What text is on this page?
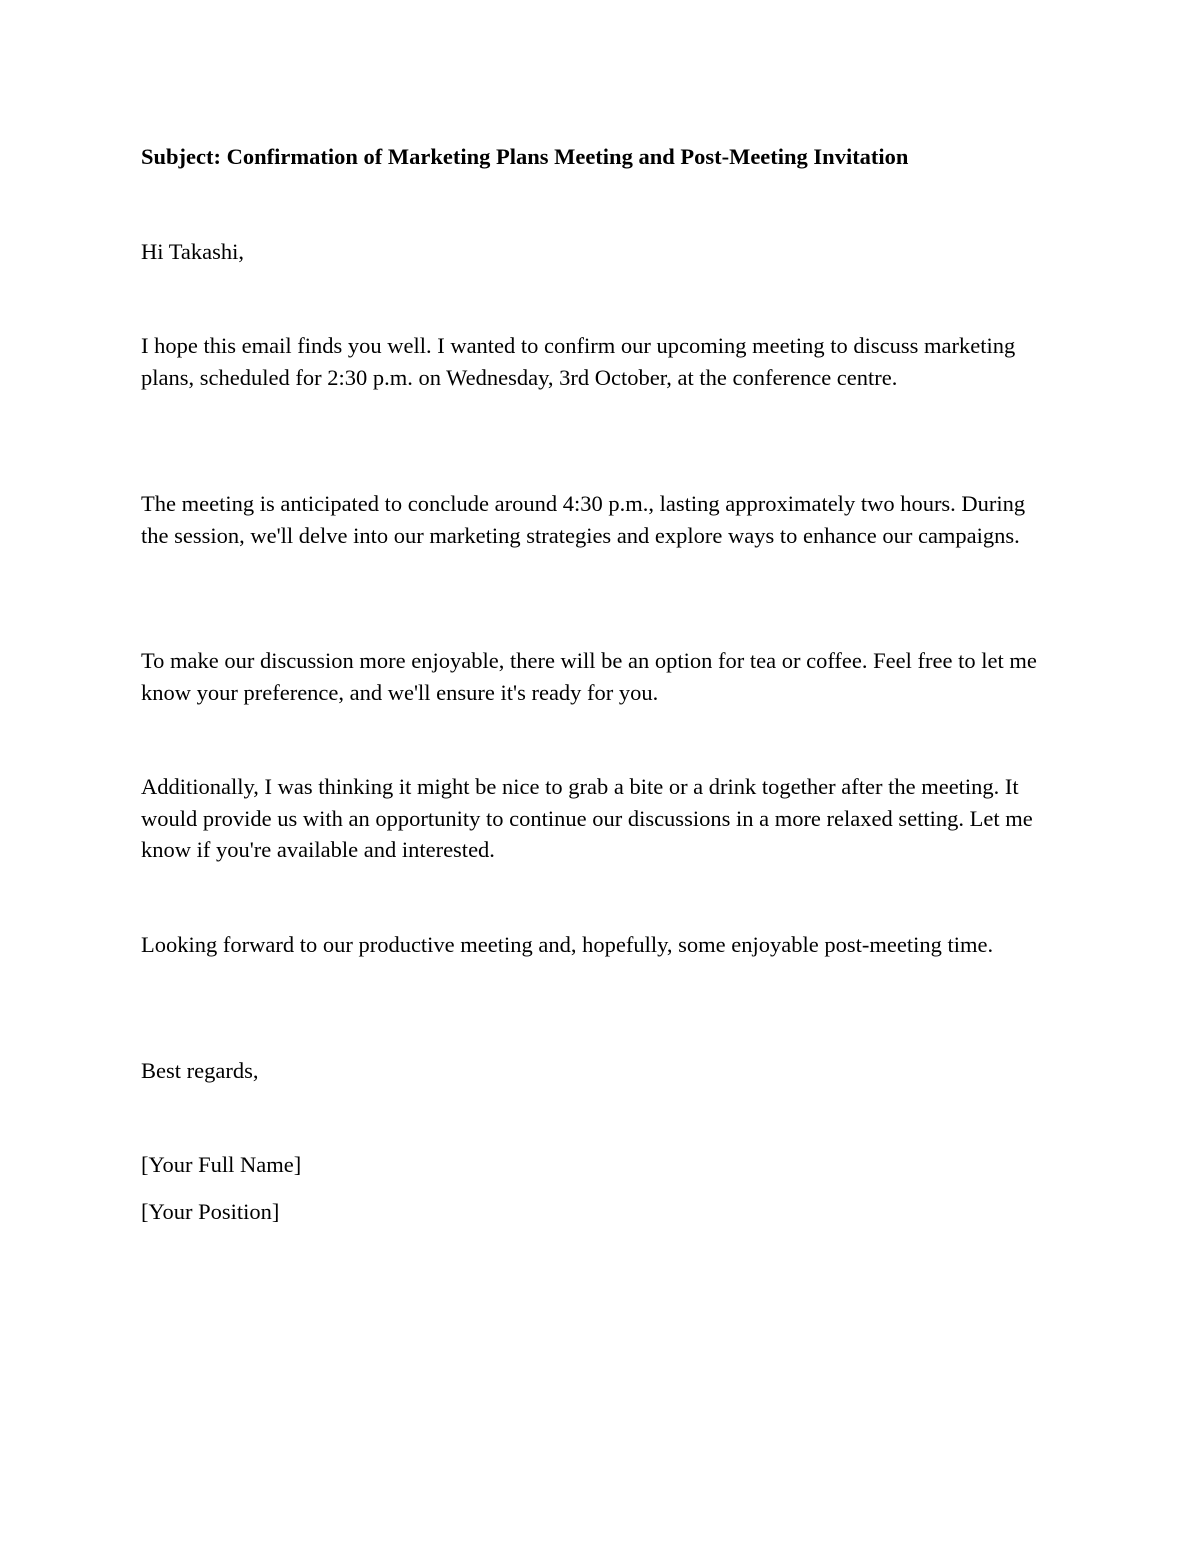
Subject: Confirmation of Marketing Plans Meeting and Post-Meeting Invitation

Hi Takashi,

I hope this email finds you well. I wanted to confirm our upcoming meeting to discuss marketing plans, scheduled for 2:30 p.m. on Wednesday, 3rd October, at the conference centre.

The meeting is anticipated to conclude around 4:30 p.m., lasting approximately two hours. During the session, we'll delve into our marketing strategies and explore ways to enhance our campaigns.

To make our discussion more enjoyable, there will be an option for tea or coffee. Feel free to let me know your preference, and we'll ensure it's ready for you.

Additionally, I was thinking it might be nice to grab a bite or a drink together after the meeting. It would provide us with an opportunity to continue our discussions in a more relaxed setting. Let me know if you're available and interested.

Looking forward to our productive meeting and, hopefully, some enjoyable post-meeting time.

Best regards,

[Your Full Name]

[Your Position]
